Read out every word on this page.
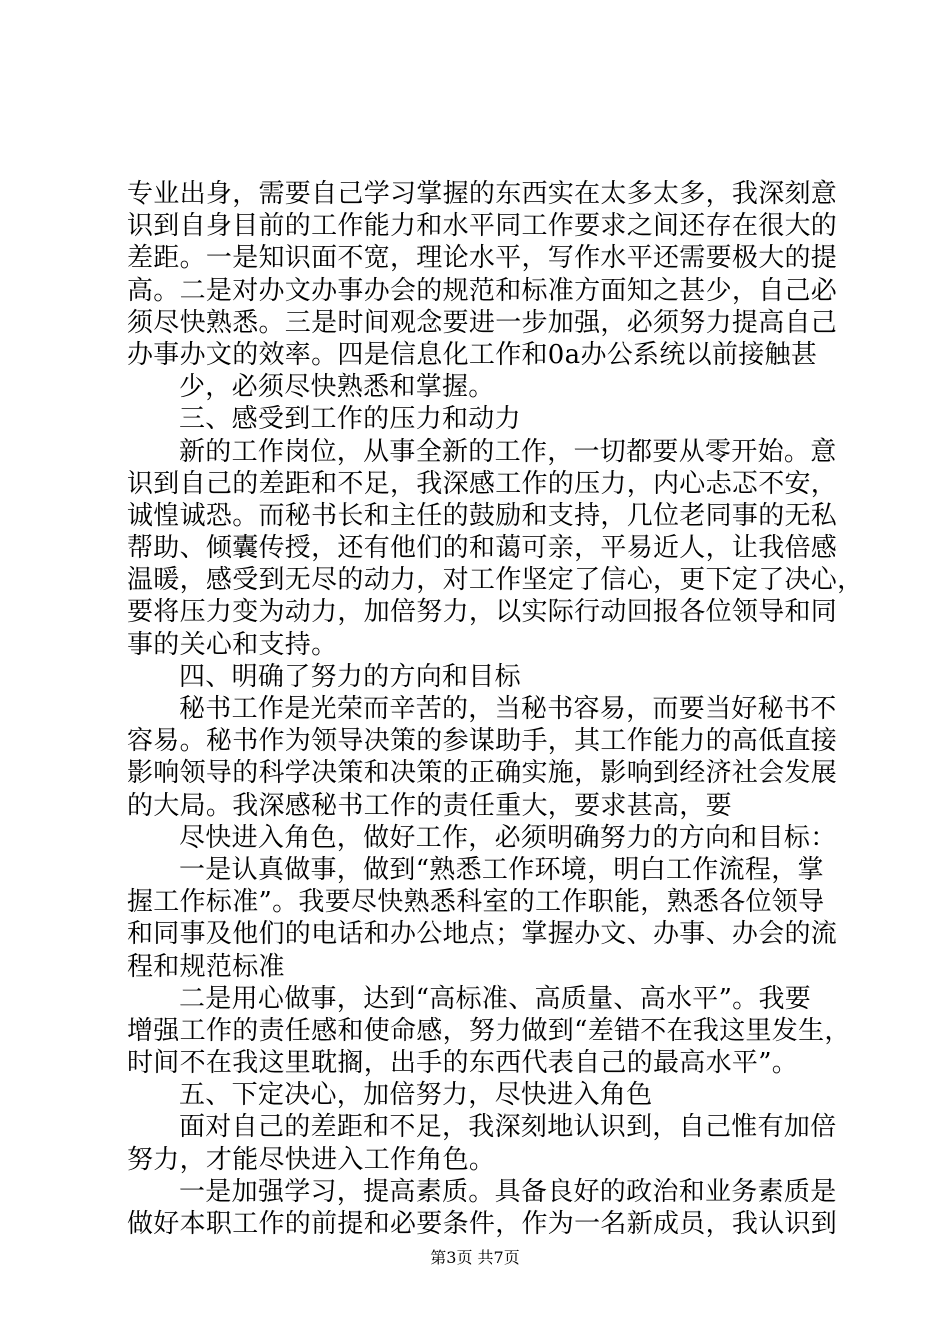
专业出身，需要自己学习掌握的东西实在太多太多，我深刻意
识到自身目前的工作能力和水平同工作要求之间还存在很大的
差距。一是知识面不宽，理论水平，写作水平还需要极大的提
高。二是对办文办事办会的规范和标准方面知之甚少，自己必
须尽快熟悉。三是时间观念要进一步加强，必须努力提高自己
办事办文的效率。四是信息化工作和0a办公系统以前接触甚
少，必须尽快熟悉和掌握。
三、感受到工作的压力和动力
新的工作岗位，从事全新的工作，一切都要从零开始。意
识到自己的差距和不足，我深感工作的压力，内心忐忑不安，
诚惶诚恐。而秘书长和主任的鼓励和支持，几位老同事的无私
帮助、倾囊传授，还有他们的和蔼可亲，平易近人，让我倍感
温暖，感受到无尽的动力，对工作坚定了信心，更下定了决心，
要将压力变为动力，加倍努力，以实际行动回报各位领导和同
事的关心和支持。
四、明确了努力的方向和目标
秘书工作是光荣而辛苦的，当秘书容易，而要当好秘书不
容易。秘书作为领导决策的参谋助手，其工作能力的高低直接
影响领导的科学决策和决策的正确实施，影响到经济社会发展
的大局。我深感秘书工作的责任重大，要求甚高，要
尽快进入角色，做好工作，必须明确努力的方向和目标：
一是认真做事，做到“熟悉工作环境，明白工作流程，掌
握工作标准”。我要尽快熟悉科室的工作职能，熟悉各位领导
和同事及他们的电话和办公地点；掌握办文、办事、办会的流
程和规范标准
二是用心做事，达到“高标准、高质量、高水平”。我要
增强工作的责任感和使命感，努力做到“差错不在我这里发生，
时间不在我这里耽搁，出手的东西代表自己的最高水平”。
五、下定决心，加倍努力，尽快进入角色
面对自己的差距和不足，我深刻地认识到，自己惟有加倍
努力，才能尽快进入工作角色。
一是加强学习，提高素质。具备良好的政治和业务素质是
做好本职工作的前提和必要条件，作为一名新成员，我认识到
第3页 共7页
